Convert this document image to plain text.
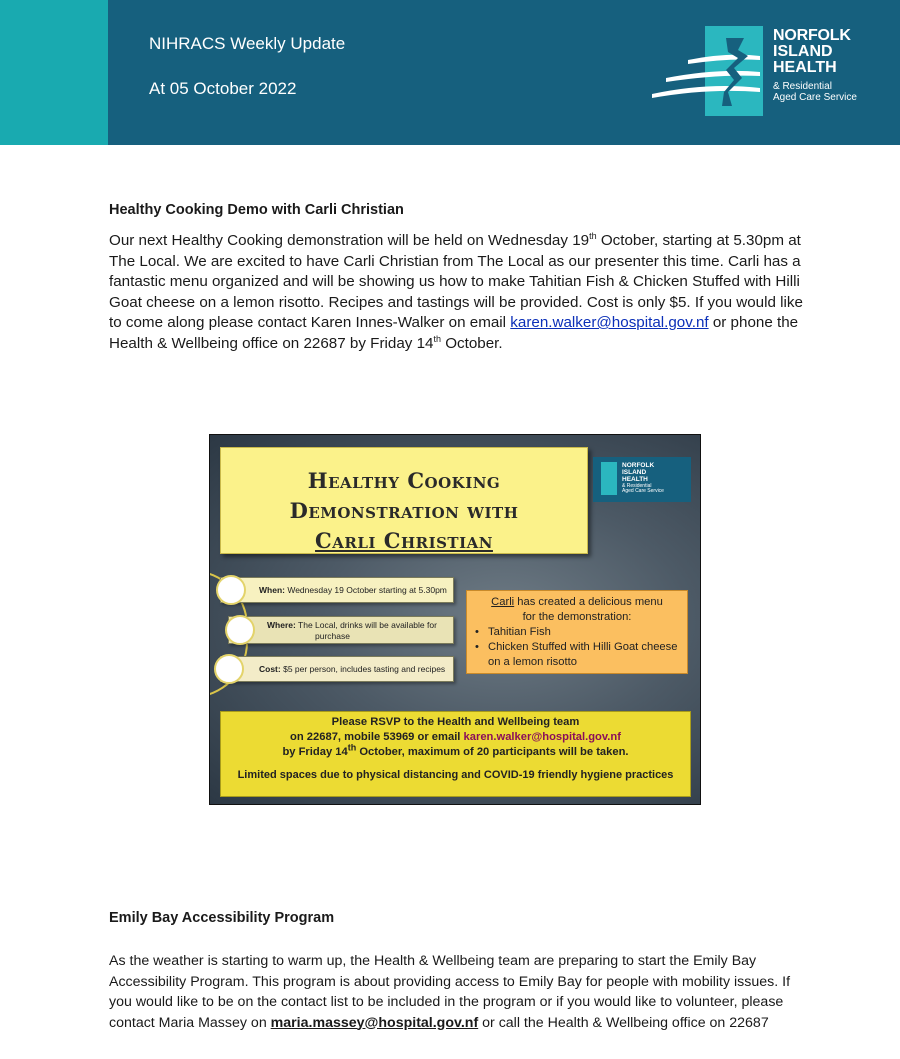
NIHRACS Weekly Update
At 05 October 2022
NORFOLK
ISLAND
HEALTH
& Residential
Aged Care Service
Healthy Cooking Demo with Carli Christian
Our next Healthy Cooking demonstration will be held on Wednesday 19th October, starting at 5.30pm at The Local. We are excited to have Carli Christian from The Local as our presenter this time. Carli has a fantastic menu organized and will be showing us how to make Tahitian Fish & Chicken Stuffed with Hilli Goat cheese on a lemon risotto. Recipes and tastings will be provided. Cost is only $5. If you would like to come along please contact Karen Innes-Walker on email karen.walker@hospital.gov.nf or phone the Health & Wellbeing office on 22687 by Friday 14th October.
Healthy Cooking
Demonstration with
Carli Christian
NORFOLK
ISLAND
HEALTH
& Residential
Aged Care Service
When: Wednesday 19 October starting at 5.30pm
Where: The Local, drinks will be available for
purchase
Cost: $5 per person, includes tasting and recipes
Carli has created a delicious menu
for the demonstration:
• Tahitian Fish
• Chicken Stuffed with Hilli Goat cheese on a lemon risotto
Please RSVP to the Health and Wellbeing team
on 22687, mobile 53969 or email karen.walker@hospital.gov.nf
by Friday 14th October, maximum of 20 participants will be taken.
Limited spaces due to physical distancing and COVID-19 friendly hygiene practices
Emily Bay Accessibility Program
As the weather is starting to warm up, the Health & Wellbeing team are preparing to start the Emily Bay Accessibility Program. This program is about providing access to Emily Bay for people with mobility issues. If you would like to be on the contact list to be included in the program or if you would like to volunteer, please contact Maria Massey on maria.massey@hospital.gov.nf or call the Health & Wellbeing office on 22687
